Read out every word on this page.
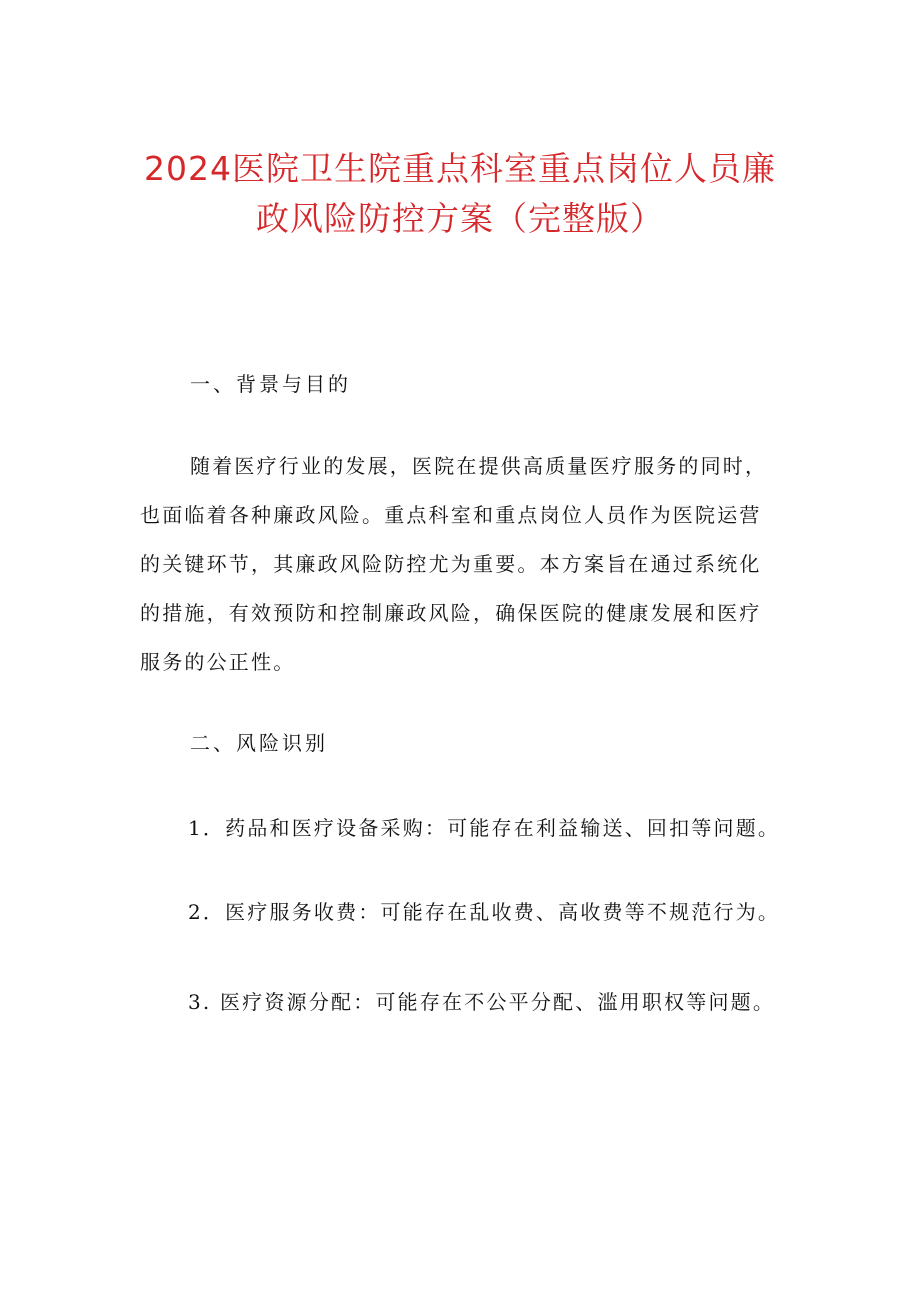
2024医院卫生院重点科室重点岗位人员廉
政风险防控方案（完整版）
一、背景与目的
随着医疗行业的发展，医院在提供高质量医疗服务的同时，
也面临着各种廉政风险。重点科室和重点岗位人员作为医院运营
的关键环节，其廉政风险防控尤为重要。本方案旨在通过系统化
的措施，有效预防和控制廉政风险，确保医院的健康发展和医疗
服务的公正性。
二、风险识别

1．药品和医疗设备采购：可能存在利益输送、回扣等问题。

2．医疗服务收费：可能存在乱收费、高收费等不规范行为。

3. 医疗资源分配：可能存在不公平分配、滥用职权等问题。
